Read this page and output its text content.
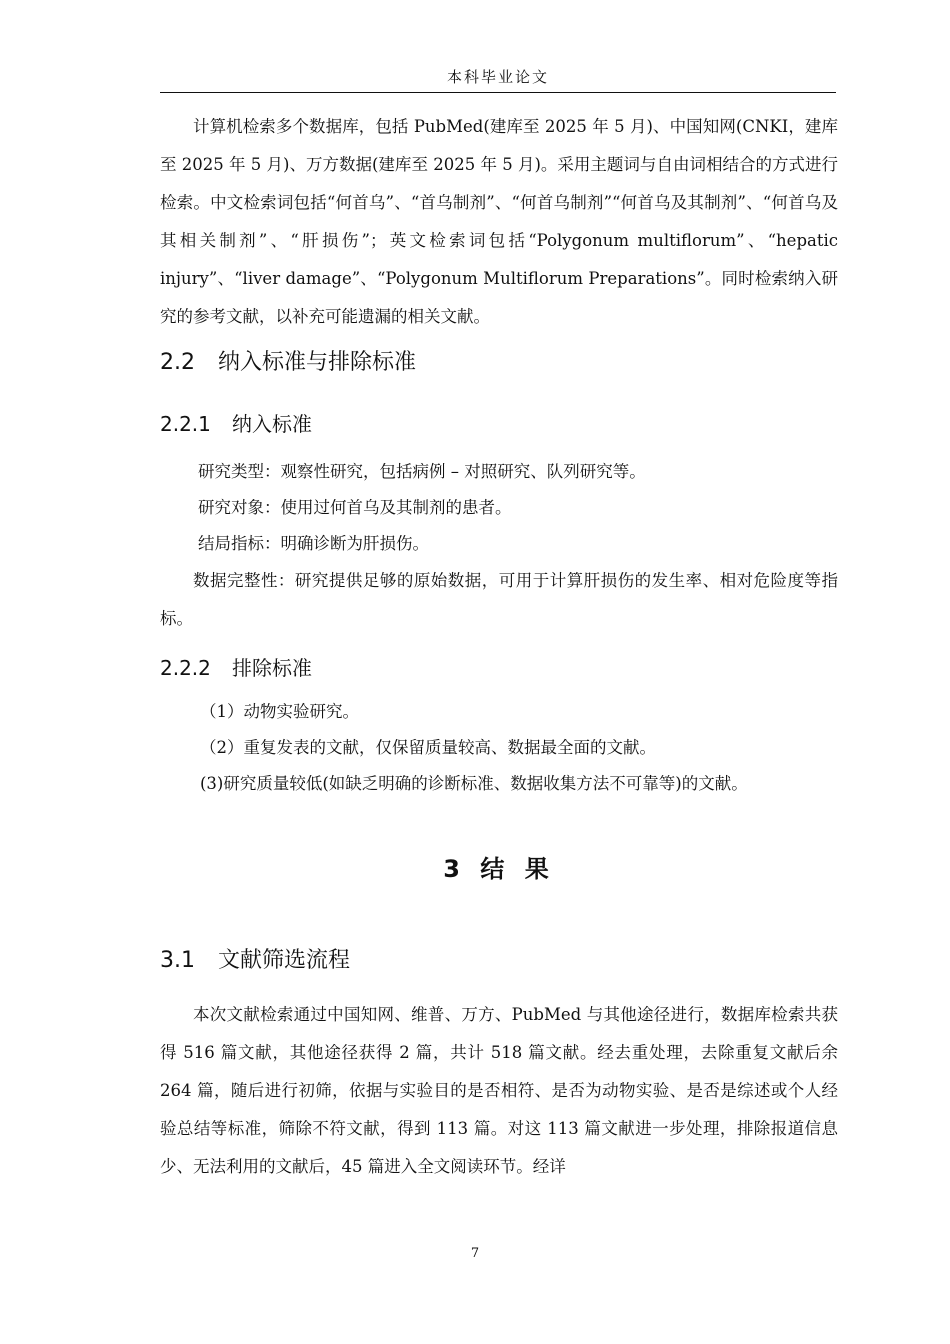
本科毕业论文

计算机检索多个数据库，包括 PubMed(建库至 2025 年 5 月)、中国知网(CNKI，建库至 2025 年 5 月)、万方数据(建库至 2025 年 5 月)。采用主题词与自由词相结合的方式进行检索。中文检索词包括“何首乌”、“首乌制剂”、“何首乌制剂”“何首乌及其制剂”、“何首乌及其相关制剂”、“肝损伤”；英文检索词包括“Polygonum multiflorum”、“hepatic injury”、“liver damage”、“Polygonum Multiflorum Preparations”。同时检索纳入研究的参考文献，以补充可能遗漏的相关文献。

2.2 纳入标准与排除标准
2.2.1 纳入标准

研究类型：观察性研究，包括病例 – 对照研究、队列研究等。

研究对象：使用过何首乌及其制剂的患者。

结局指标：明确诊断为肝损伤。

数据完整性：研究提供足够的原始数据，可用于计算肝损伤的发生率、相对危险度等指标。

2.2.2 排除标准

（1）动物实验研究。

（2）重复发表的文献，仅保留质量较高、数据最全面的文献。

(3)研究质量较低(如缺乏明确的诊断标准、数据收集方法不可靠等)的文献。

3 结 果
3.1 文献筛选流程

本次文献检索通过中国知网、维普、万方、PubMed 与其他途径进行，数据库检索共获得 516 篇文献，其他途径获得 2 篇，共计 518 篇文献。经去重处理，去除重复文献后余 264 篇，随后进行初筛，依据与实验目的是否相符、是否为动物实验、是否是综述或个人经验总结等标准，筛除不符文献，得到 113 篇。对这 113 篇文献进一步处理，排除报道信息少、无法利用的文献后，45 篇进入全文阅读环节。经详

7
